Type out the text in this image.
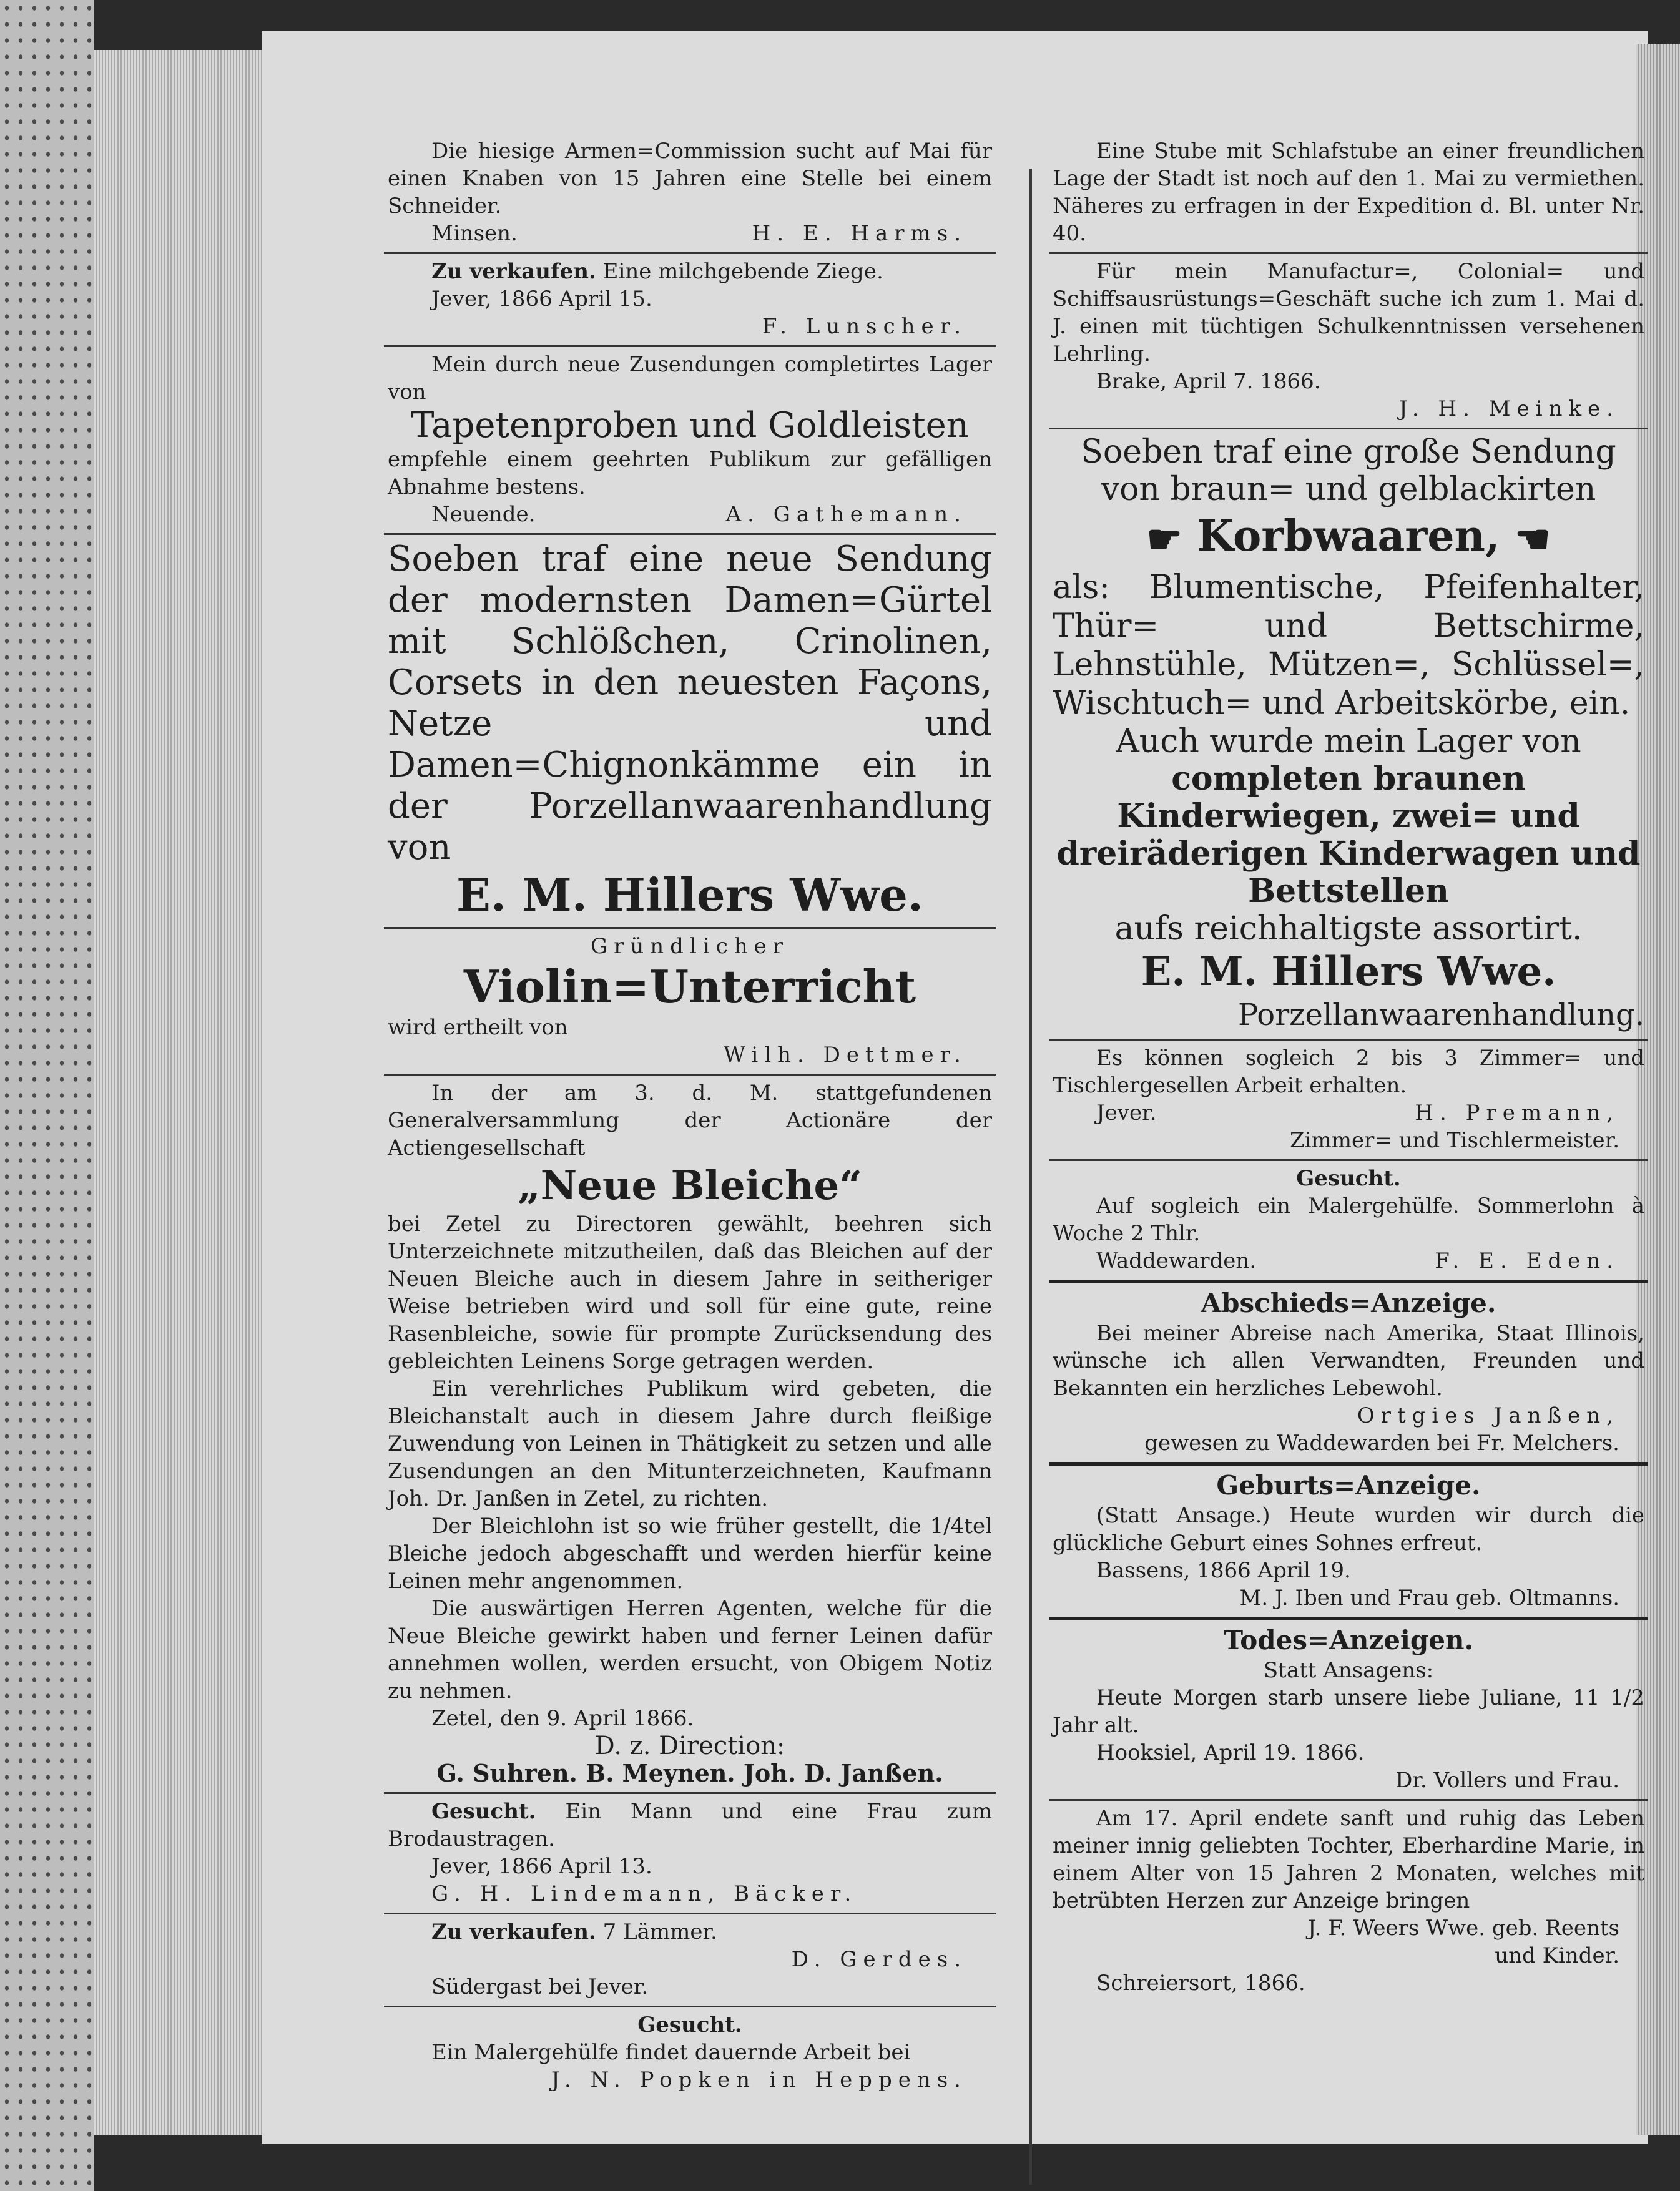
Die hiesige Armen=Commission sucht auf Mai für einen Knaben von 15 Jahren eine Stelle bei einem Schneider.

Minsen.	H. E. Harms.

Zu verkaufen. Eine milchgebende Ziege.

Jever, 1866 April 15.

F. Lunscher.

Mein durch neue Zusendungen completirtes Lager von

Tapetenproben und Goldleisten

empfehle einem geehrten Publikum zur gefälligen Abnahme bestens.

Neuende.	A. Gathemann.

Soeben traf eine neue Sendung der modernsten Damen=Gürtel mit Schlößchen, Crinolinen, Corsets in den neuesten Façons, Netze und Damen=Chignonkämme ein in der Porzellanwaarenhandlung von

E. M. Hillers Wwe.

Gründlicher

Violin=Unterricht

wird ertheilt von

Wilh. Dettmer.

In der am 3. d. M. stattgefundenen Generalversammlung der Actionäre der Actiengesellschaft

„Neue Bleiche“

bei Zetel zu Directoren gewählt, beehren sich Unterzeichnete mitzutheilen, daß das Bleichen auf der Neuen Bleiche auch in diesem Jahre in seitheriger Weise betrieben wird und soll für eine gute, reine Rasenbleiche, sowie für prompte Zurücksendung des gebleichten Leinens Sorge getragen werden.

Ein verehrliches Publikum wird gebeten, die Bleichanstalt auch in diesem Jahre durch fleißige Zuwendung von Leinen in Thätigkeit zu setzen und alle Zusendungen an den Mitunterzeichneten, Kaufmann Joh. Dr. Janßen in Zetel, zu richten.

Der Bleichlohn ist so wie früher gestellt, die 1/4tel Bleiche jedoch abgeschafft und werden hierfür keine Leinen mehr angenommen.

Die auswärtigen Herren Agenten, welche für die Neue Bleiche gewirkt haben und ferner Leinen dafür annehmen wollen, werden ersucht, von Obigem Notiz zu nehmen.

Zetel, den 9. April 1866.

D. z. Direction:

G. Suhren. B. Meynen. Joh. D. Janßen.

Gesucht. Ein Mann und eine Frau zum Brodaustragen.

Jever, 1866 April 13.

G. H. Lindemann, Bäcker.

Zu verkaufen. 7 Lämmer.

D. Gerdes.

Südergast bei Jever.

Gesucht.

Ein Malergehülfe findet dauernde Arbeit bei

J. N. Popken in Heppens.

Eine Stube mit Schlafstube an einer freundlichen Lage der Stadt ist noch auf den 1. Mai zu vermiethen. Näheres zu erfragen in der Expedition d. Bl. unter Nr. 40.

Für mein Manufactur=, Colonial= und Schiffsausrüstungs=Geschäft suche ich zum 1. Mai d. J. einen mit tüchtigen Schulkenntnissen versehenen Lehrling.

Brake, April 7. 1866.

J. H. Meinke.

Soeben traf eine große Sendung von braun= und gelblackirten

☛ Korbwaaren, ☚

als: Blumentische, Pfeifenhalter, Thür= und Bettschirme, Lehnstühle, Mützen=, Schlüssel=, Wischtuch= und Arbeitskörbe, ein.

Auch wurde mein Lager von

completen braunen Kinderwiegen, zwei= und dreiräderigen Kinderwagen und Bettstellen

aufs reichhaltigste assortirt.

E. M. Hillers Wwe.

Porzellanwaarenhandlung.

Es können sogleich 2 bis 3 Zimmer= und Tischlergesellen Arbeit erhalten.

Jever.	H. Premann,
Zimmer= und Tischlermeister.

Gesucht.

Auf sogleich ein Malergehülfe. Sommerlohn à Woche 2 Thlr.

Waddewarden.	F. E. Eden.

Abschieds=Anzeige.

Bei meiner Abreise nach Amerika, Staat Illinois, wünsche ich allen Verwandten, Freunden und Bekannten ein herzliches Lebewohl.

Ortgies Janßen,
gewesen zu Waddewarden bei Fr. Melchers.

Geburts=Anzeige.

(Statt Ansage.) Heute wurden wir durch die glückliche Geburt eines Sohnes erfreut.

Bassens, 1866 April 19.

M. J. Iben und Frau geb. Oltmanns.

Todes=Anzeigen.

Statt Ansagens:

Heute Morgen starb unsere liebe Juliane, 11 1/2 Jahr alt.

Hooksiel, April 19. 1866.

Dr. Vollers und Frau.

Am 17. April endete sanft und ruhig das Leben meiner innig geliebten Tochter, Eberhardine Marie, in einem Alter von 15 Jahren 2 Monaten, welches mit betrübten Herzen zur Anzeige bringen

J. F. Weers Wwe. geb. Reents
und Kinder.

Schreiersort, 1866.
